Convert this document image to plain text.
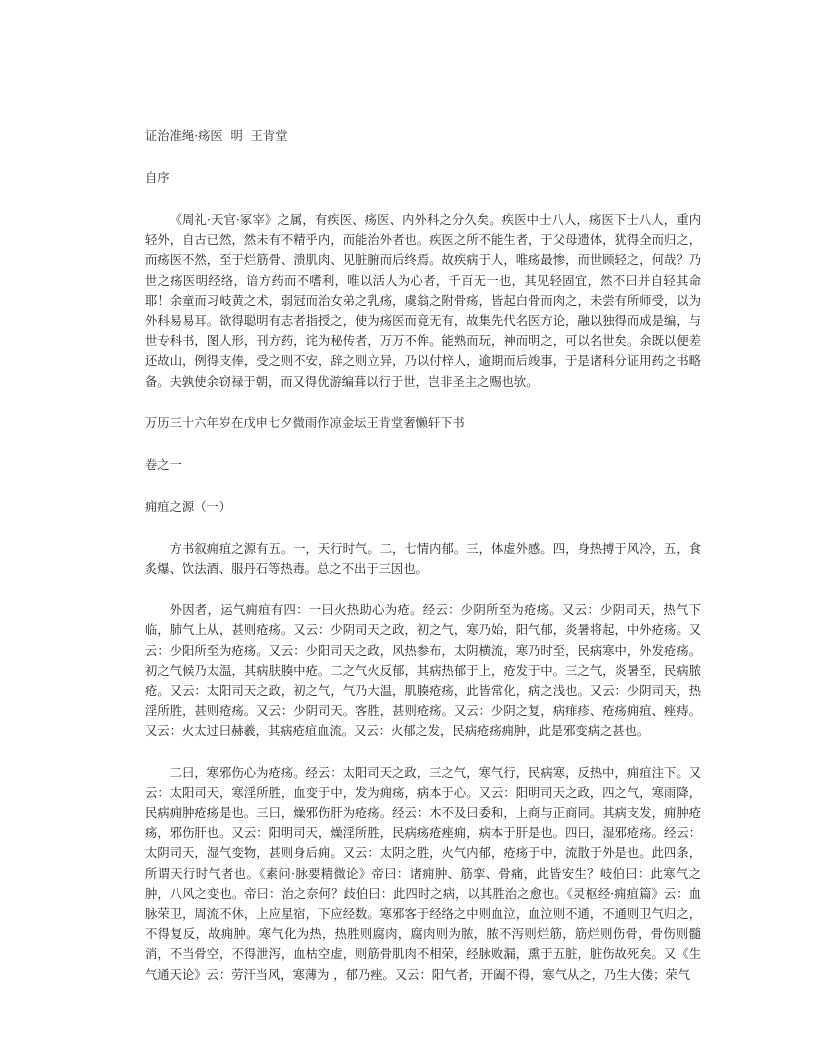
证治准绳·疡医  明  王肯堂
自序

《周礼·天官·冢宰》之属，有疾医、疡医、内外科之分久矣。疾医中士八人，疡医下士八人，重内轻外，自古已然，然未有不精乎内，而能治外者也。疾医之所不能生者，于父母遗体，犹得全而归之，而疡医不然，至于烂筋骨、溃肌肉、见脏腑而后终焉。故疾病于人，唯疡最惨，而世顾轻之，何哉？乃世之疡医明经络，谙方药而不嗜利，唯以活人为心者，千百无一也，其见轻固宜，然不曰并自轻其命耶！余童而习岐黄之术，弱冠而治女弟之乳疡，虞翁之附骨疡，皆起白骨而肉之，未尝有所师受，以为外科易易耳。欲得聪明有志者指授之，使为疡医而竟无有，故集先代名医方论，融以独得而成是编，与世专科书，图人形，刊方药，诧为秘传者，万万不侔。能熟而玩，神而明之，可以名世矣。余既以便差还故山，例得支俸，受之则不安，辞之则立异，乃以付梓人，逾期而后竣事，于是诸科分证用药之书略备。夫孰使余窃禄于朝，而又得优游编葺以行于世，岂非圣主之赐也欤。

万历三十六年岁在戊申七夕微雨作凉金坛王肯堂奢懒轩下书
卷之一
痈疽之源（一）

方书叙痈疽之源有五。一，天行时气。二，七情内郁。三，体虚外感。四，身热搏于风冷，五，食炙爆、饮法酒、服丹石等热毒。总之不出于三因也。

外因者，运气痈疽有四：一曰火热助心为疮。经云：少阴所至为疮疡。又云：少阴司天，热气下临，肺气上从，甚则疮疡。又云：少阴司天之政，初之气，寒乃始，阳气郁，炎暑将起，中外疮疡。又云：少阳所至为疮疡。又云：少阳司天之政，风热参布，太阴横流，寒乃时至，民病寒中，外发疮疡。初之气候乃太温，其病肤腠中疮。二之气火反郁，其病热郁于上，疮发于中。三之气，炎暑至，民病脓疮。又云：太阳司天之政，初之气，气乃大温，肌腠疮疡，此皆常化，病之浅也。又云：少阴司天，热淫所胜，甚则疮疡。又云：少阴司天。客胜，甚则疮疡。又云：少阴之复，病痱疹、疮疡痈疽、痤痔。又云：火太过曰赫羲，其病疮疽血流。又云：火郁之发，民病疮疡痈肿，此是邪变病之甚也。

二曰，寒邪伤心为疮疡。经云：太阳司天之政，三之气，寒气行，民病寒，反热中，痈疽注下。又云：太阳司天，寒淫所胜，血变于中，发为痈疡，病本于心。又云：阳明司天之政，四之气，寒雨降，民病痈肿疮疡是也。三曰，燥邪伤肝为疮疡。经云：木不及曰委和，上商与正商同。其病支发，痈肿疮疡，邪伤肝也。又云：阳明司天，燥淫所胜，民病疡疮痤痈，病本于肝是也。四曰，湿邪疮疡。经云：太阴司天，湿气变物，甚则身后痈。又云：太阴之胜，火气内郁，疮疡于中，流散于外是也。此四条，所谓天行时气者也。《素问·脉要精微论》帝曰：诸痈肿、筋挛、骨痛，此皆安生？岐伯曰：此寒气之肿，八风之变也。帝曰：治之奈何？歧伯曰：此四时之病，以其胜治之愈也。《灵枢经·痈疽篇》云：血脉荣卫，周流不休，上应星宿，下应经数。寒邪客于经络之中则血泣，血泣则不通，不通则卫气归之，不得复反，故痈肿。寒气化为热，热胜则腐肉，腐肉则为脓，脓不泻则烂筋，筋烂则伤骨，骨伤则髓消，不当骨空，不得泄泻，血枯空虚，则筋骨肌肉不相荣，经脉败漏，熏于五脏，脏伤故死矣。又《生气通天论》云：劳汗当风，寒薄为 ，郁乃痤。又云：阳气者，开阖不得，寒气从之，乃生大偻；荣气
